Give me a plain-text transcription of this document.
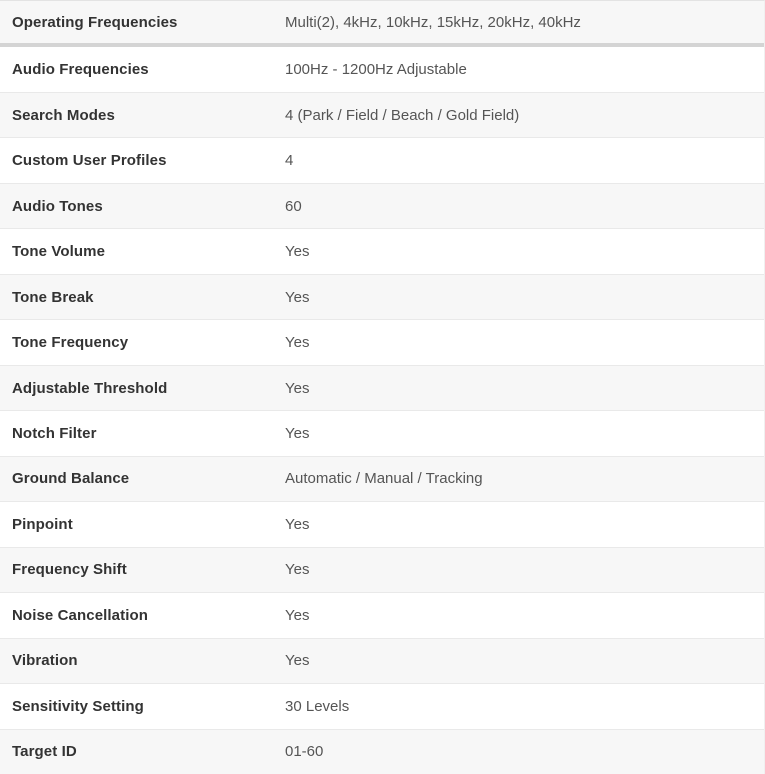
Operating Frequencies	Multi(2), 4kHz, 10kHz, 15kHz, 20kHz, 40kHz
Audio Frequencies	100Hz - 1200Hz Adjustable
Search Modes	4 (Park / Field / Beach / Gold Field)
Custom User Profiles	4
Audio Tones	60
Tone Volume	Yes
Tone Break	Yes
Tone Frequency	Yes
Adjustable Threshold	Yes
Notch Filter	Yes
Ground Balance	Automatic / Manual / Tracking
Pinpoint	Yes
Frequency Shift	Yes
Noise Cancellation	Yes
Vibration	Yes
Sensitivity Setting	30 Levels
Target ID	01-60
